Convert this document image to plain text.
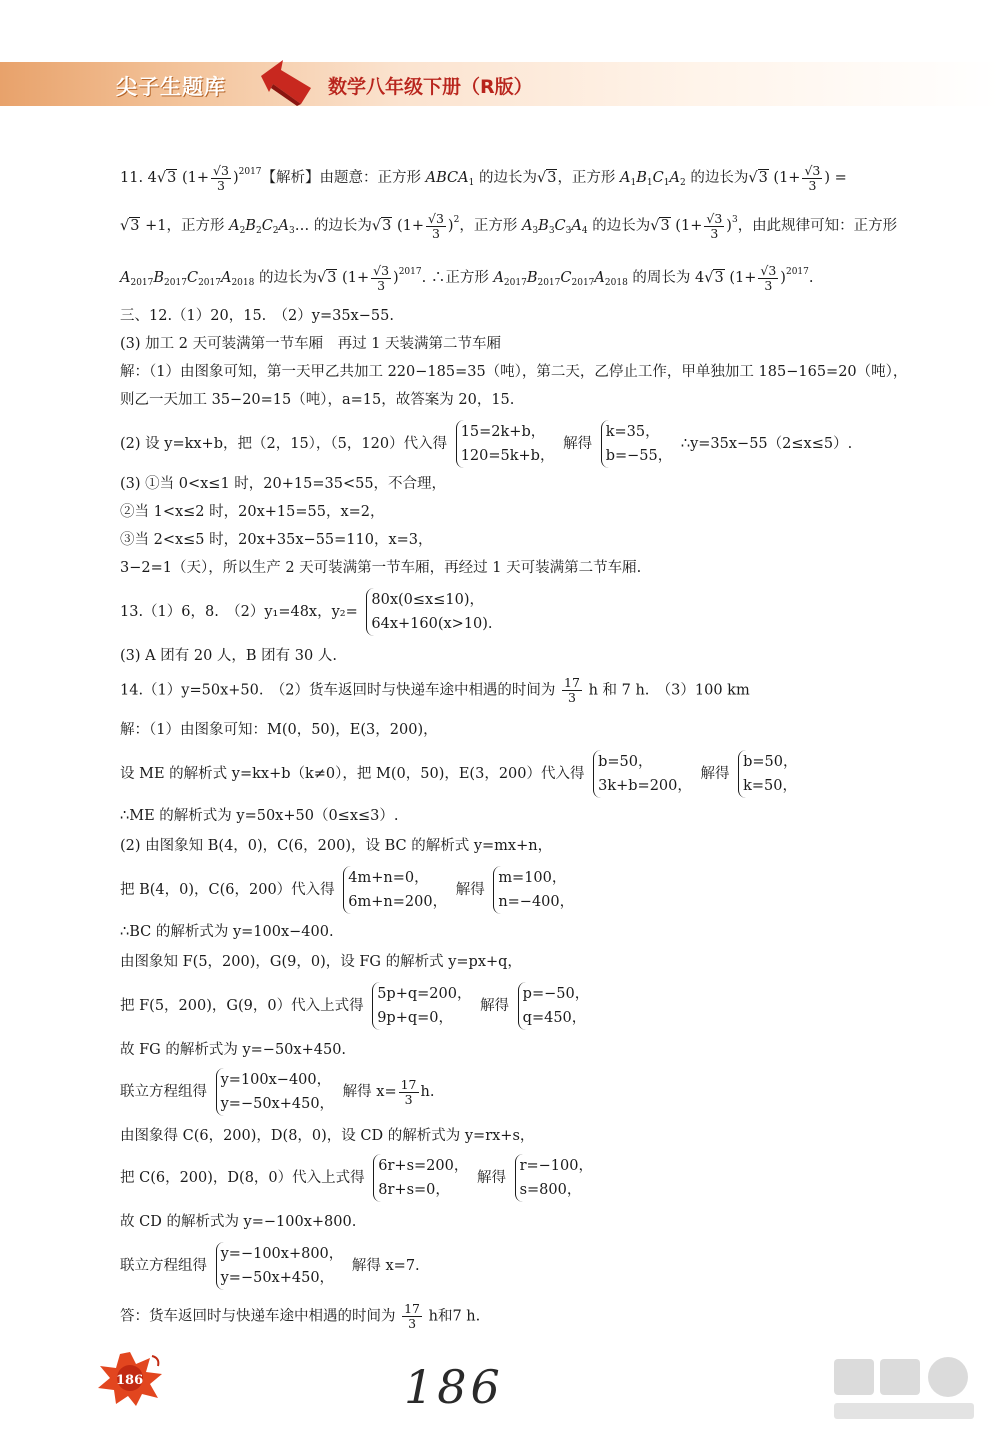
尖子生题库	数学八年级下册（R版）
11. 4√3 $(1+ \frac{√3}{3} )^{2017}$【解析】由题意：正方形 $ABCA_1$ 的边长为√3，正方形 $A_1B_1C_1A_2$ 的边长为√3 ($1+ \frac{√3}{3}$ ) =
√3 +1，正方形 $A_2B_2C_2A_3\dots$ 的边长为√3 $(1+ \frac{√3}{3} )^2$，正方形 $A_3B_3C_3A_4$ 的边长为√3 $(1+ \frac{√3}{3} )^3$，由此规律可知：正方形
$A_{2017}B_{2017}C_{2017}A_{2018}$ 的边长为√3 $(1+ \frac{√3}{3} )^{2017}$. ∴正方形 $A_{2017}B_{2017}C_{2017}A_{2018}$ 的周长为 4√3 $(1+ \frac{√3}{3} )^{2017}$.
三、12.（1）20，15.　（2）y=35x−55.
(3) 加工 2 天可装满第一节车厢　再过 1 天装满第二节车厢
解：（1）由图象可知，第一天甲乙共加工 220−185=35（吨），第二天，乙停止工作，甲单独加工 185−165=20（吨），
则乙一天加工 35−20=15（吨），a=15，故答案为 20，15.
(2) 设 y=kx+b，把（2，15），（5，120）代入得
15=2k+b，
120=5k+b，
解得
k=35，
b=−55，
∴y=35x−55（2≤x≤5）.
(3) ①当 0<x≤1 时，20+15=35<55，不合理，
②当 1<x≤2 时，20x+15=55，x=2，
③当 2<x≤5 时，20x+35x−55=110，x=3，
3−2=1（天），所以生产 2 天可装满第一节车厢，再经过 1 天可装满第二节车厢.
13.（1）6，8.　（2）y₁=48x，y₂=
80x(0≤x≤10)，
64x+160(x>10).
(3) A 团有 20 人，B 团有 30 人.
14.（1）y=50x+50.　（2）货车返回时与快递车途中相遇的时间为 $\frac{17}{3}$ h 和 7 h.　（3）100 km
解：（1）由图象可知：M(0，50)，E(3，200)，
设 ME 的解析式 y=kx+b（k≠0），把 M(0，50)，E(3，200）代入得
b=50，
3k+b=200，
解得
b=50，
k=50，
∴ME 的解析式为 y=50x+50（0≤x≤3）.
(2) 由图象知 B(4，0)，C(6，200)，设 BC 的解析式 y=mx+n，
把 B(4，0)，C(6，200）代入得
4m+n=0，
6m+n=200，
解得
m=100，
n=−400，
∴BC 的解析式为 y=100x−400.
由图象知 F(5，200)，G(9，0)，设 FG 的解析式 y=px+q，
把 F(5，200)，G(9，0）代入上式得
5p+q=200，
9p+q=0，
解得
p=−50，
q=450，
故 FG 的解析式为 y=−50x+450.
联立方程组得
y=100x−400，
y=−50x+450，
解得 $x= \frac{17}{3} h$.
由图象得 C(6，200)，D(8，0)，设 CD 的解析式为 y=rx+s，
把 C(6，200)，D(8，0）代入上式得
6r+s=200，
8r+s=0，
解得
r=−100，
s=800，
故 CD 的解析式为 y=−100x+800.
联立方程组得
y=−100x+800，
y=−50x+450，
解得 x=7.
答：货车返回时与快递车途中相遇的时间为 $\frac{17}{3}$ h和7 h.
186	186
